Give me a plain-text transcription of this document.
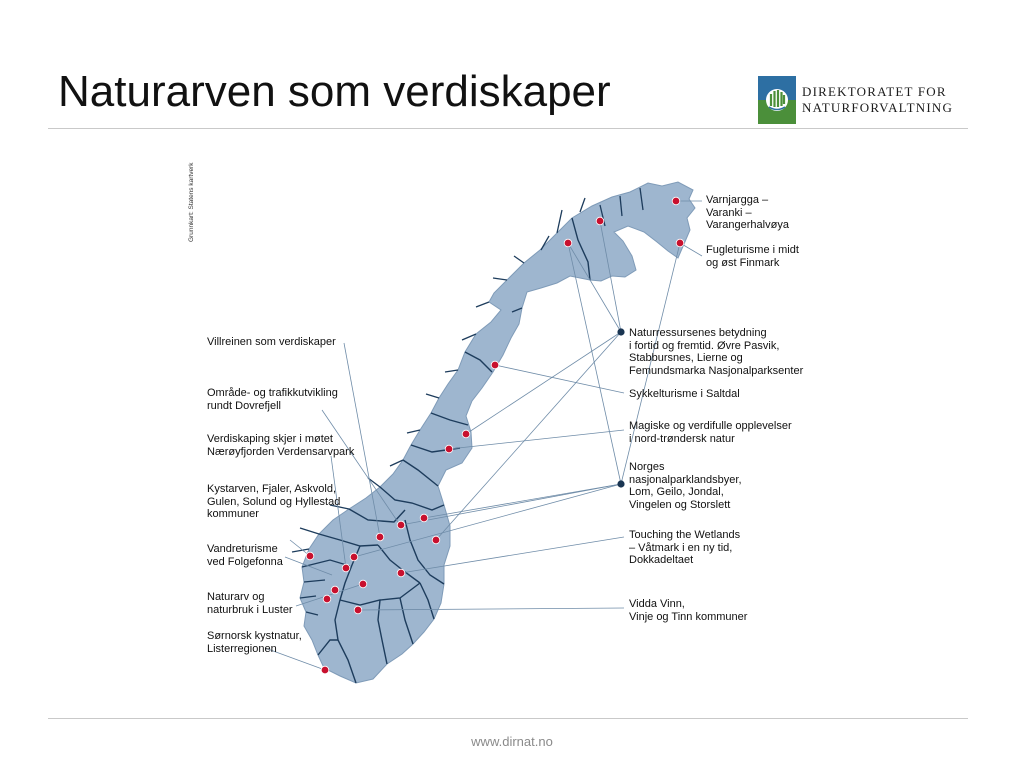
Naturarven som verdiskaper	DIREKTORATET FOR
NATURFORVALTNING
Grunnkart: Statens kartverk	Varnjargga –
Varanki –
Varangerhalvøya
Fugleturisme i midt
og øst Finmark
Naturressursenes betydning
i fortid og fremtid. Øvre Pasvik,
Stabbursnes, Lierne og
Femundsmarka Nasjonalparksenter
Sykkelturisme i Saltdal
Magiske og verdifulle opplevelser
i nord-trøndersk natur
Norges
nasjonalparklandsbyer,
Lom, Geilo, Jondal,
Vingelen og Storslett
Touching the Wetlands
– Våtmark i en ny tid,
Dokkadeltaet
Vidda Vinn,
Vinje og Tinn kommuner
Villreinen som verdiskaper
Område- og trafikkutvikling
rundt Dovrefjell
Verdiskaping skjer i møtet
Nærøyfjorden Verdensarvpark
Kystarven, Fjaler, Askvold,
Gulen, Solund og Hyllestad
kommuner
Vandreturisme
ved Folgefonna
Naturarv og
naturbruk i Luster
Sørnorsk kystnatur,
Listerregionen
www.dirnat.no
